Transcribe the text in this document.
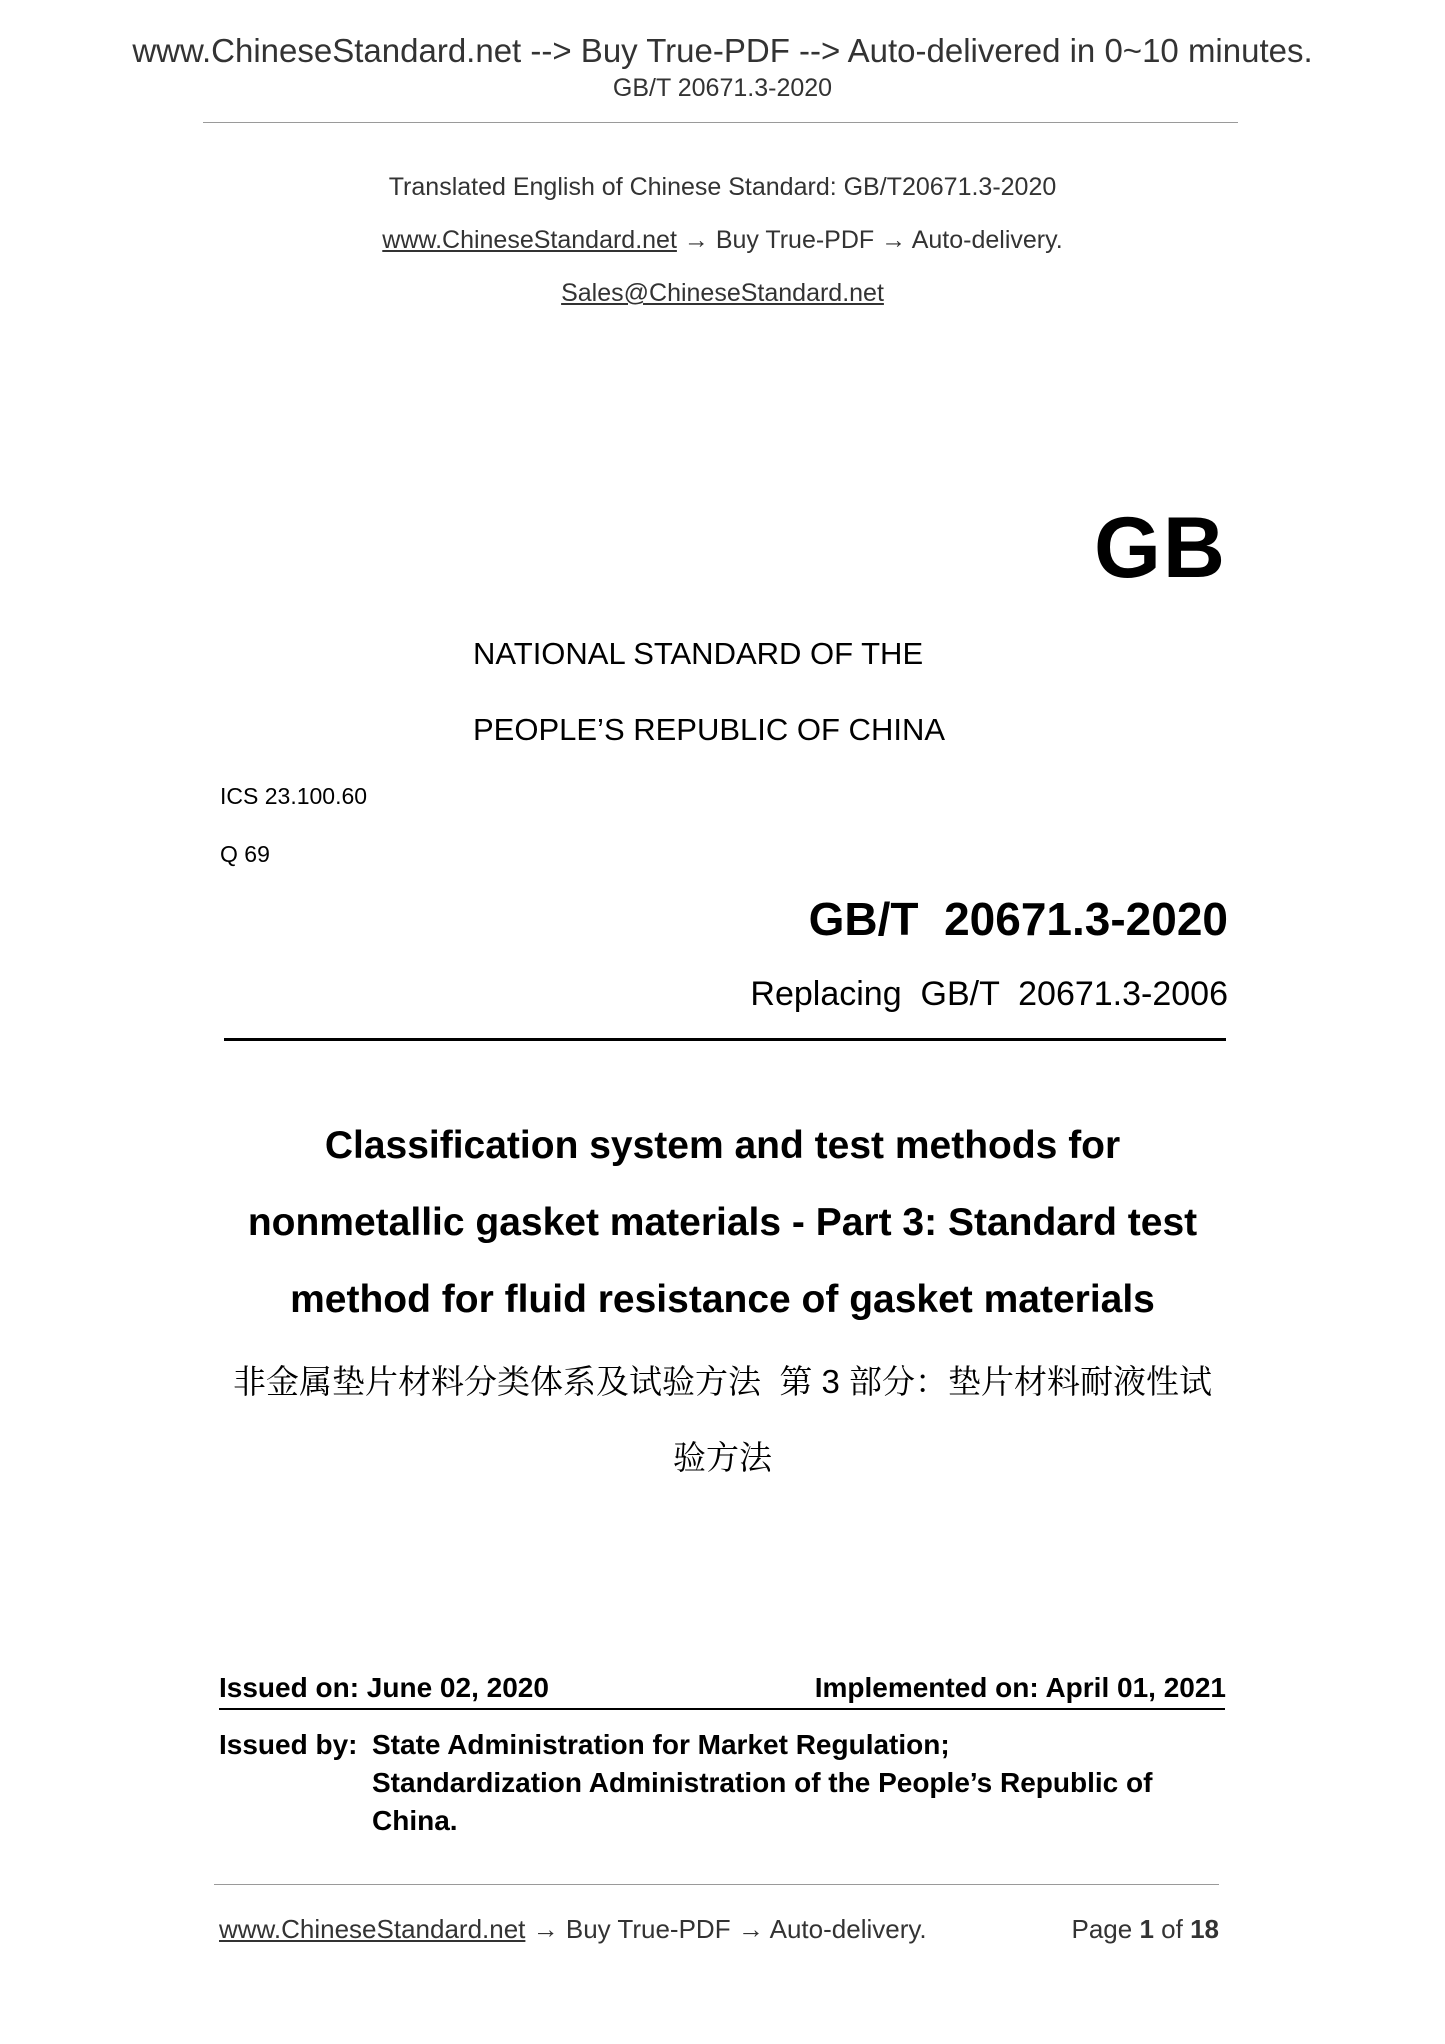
www.ChineseStandard.net --> Buy True-PDF --> Auto-delivered in 0~10 minutes.
GB/T 20671.3-2020
Translated English of Chinese Standard: GB/T20671.3-2020
www.ChineseStandard.net → Buy True-PDF → Auto-delivery.
Sales@ChineseStandard.net
GB
NATIONAL STANDARD OF THE
PEOPLE’S REPUBLIC OF CHINA
ICS 23.100.60
Q 69
GB/T  20671.3-2020
Replacing  GB/T  20671.3-2006
Classification system and test methods for
nonmetallic gasket materials - Part 3: Standard test
method for fluid resistance of gasket materials
非金属垫片材料分类体系及试验方法  第 3 部分：垫片材料耐液性试
验方法
Issued on: June 02, 2020	Implemented on: April 01, 2021
Issued by: State Administration for Market Regulation;
Standardization Administration of the People’s Republic of
China.
www.ChineseStandard.net → Buy True-PDF → Auto-delivery.	Page 1 of 18
